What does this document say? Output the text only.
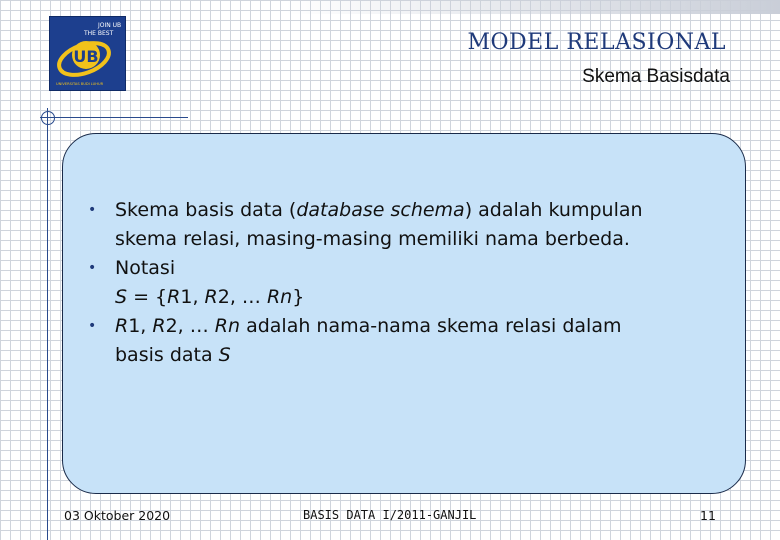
UB
JOIN UB
THE BEST
UNIVERSITAS BUDI LUHUR
MODEL RELASIONAL
Skema Basisdata
• Skema basis data (database schema) adalah kumpulan
skema relasi, masing-masing memiliki nama berbeda.
• Notasi
S = {R1, R2, … Rn}
• R1, R2, … Rn adalah nama-nama skema relasi dalam
basis data S
03 Oktober 2020	BASIS DATA I/2011-GANJIL	11
